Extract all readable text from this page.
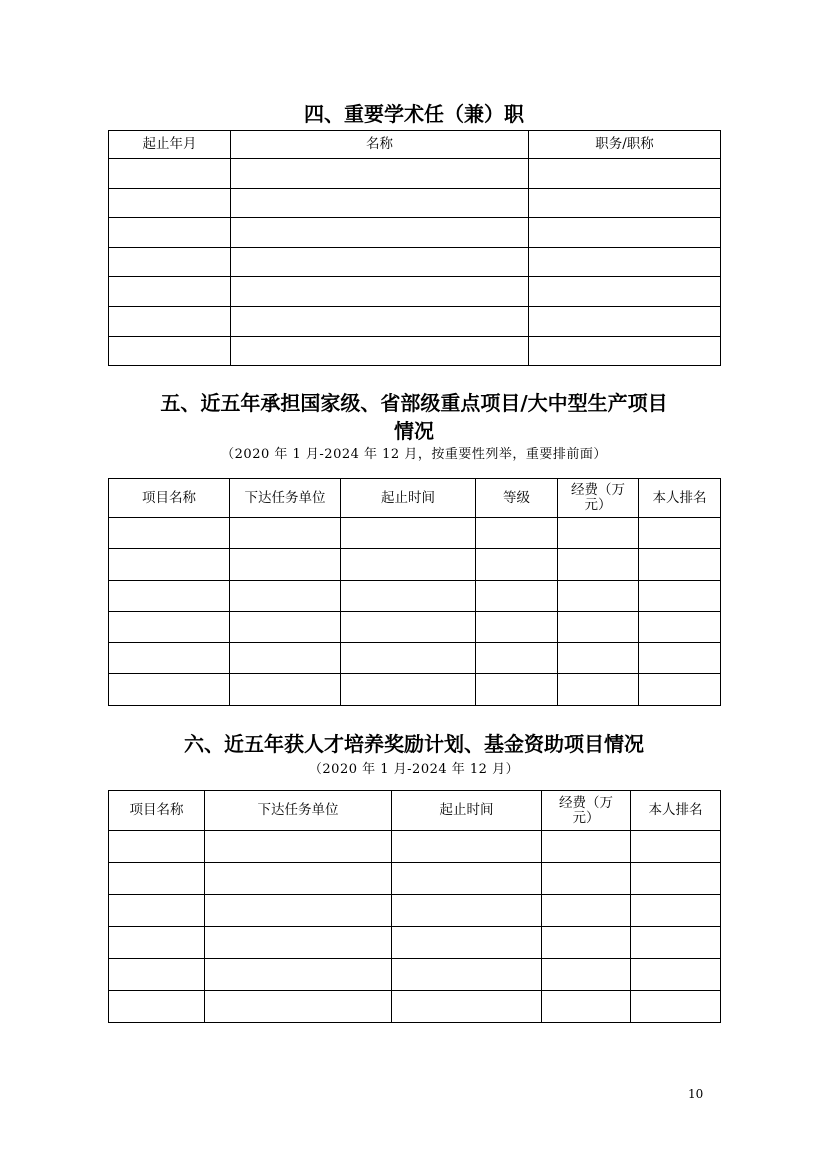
四、重要学术任（兼）职
起止年月	名称	职务/职称

五、近五年承担国家级、省部级重点项目/大中型生产项目
情况
（2020 年 1 月-2024 年 12 月，按重要性列举，重要排前面）
项目名称	下达任务单位	起止时间	等级	经费（万元）	本人排名

六、近五年获人才培养奖励计划、基金资助项目情况
（2020 年 1 月-2024 年 12 月）
项目名称	下达任务单位	起止时间	经费（万元）	本人排名

10
